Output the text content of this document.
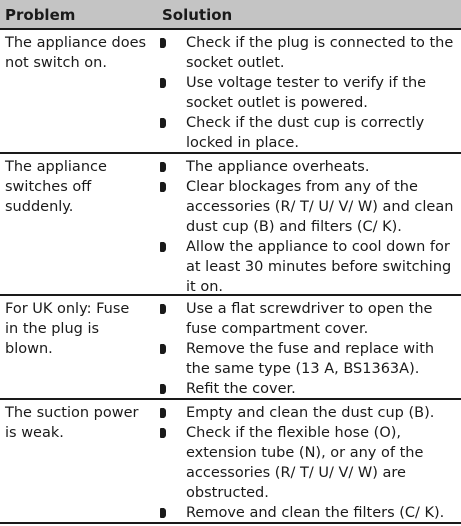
Problem	Solution
The appliance does
not switch on.
Check if the plug is connected to the
socket outlet.
Use voltage tester to verify if the
socket outlet is powered.
Check if the dust cup is correctly
locked in place.
The appliance
switches off
suddenly.
The appliance overheats.
Clear blockages from any of the
accessories (R/ T/ U/ V/ W) and clean
dust cup (B) and filters (C/ K).
Allow the appliance to cool down for
at least 30 minutes before switching
it on.
For UK only: Fuse
in the plug is
blown.
Use a flat screwdriver to open the
fuse compartment cover.
Remove the fuse and replace with
the same type (13 A, BS1363A).
Refit the cover.
The suction power
is weak.
Empty and clean the dust cup (B).
Check if the flexible hose (O),
extension tube (N), or any of the
accessories (R/ T/ U/ V/ W) are
obstructed.
Remove and clean the filters (C/ K).
